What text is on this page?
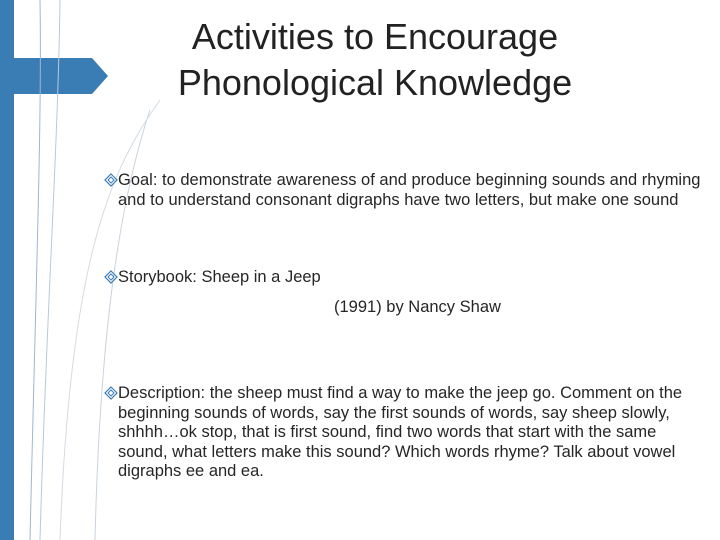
Activities to Encourage
Phonological Knowledge
Goal: to demonstrate awareness of and produce beginning sounds and rhyming and to understand consonant digraphs have two letters, but make one sound
Storybook: Sheep in a Jeep
(1991) by Nancy Shaw
Description: the sheep must find a way to make the jeep go. Comment on the beginning sounds of words, say the first sounds of words, say sheep slowly, shhhh…ok stop, that is first sound, find two words that start with the same sound, what letters make this sound? Which words rhyme? Talk about vowel digraphs ee and ea.
